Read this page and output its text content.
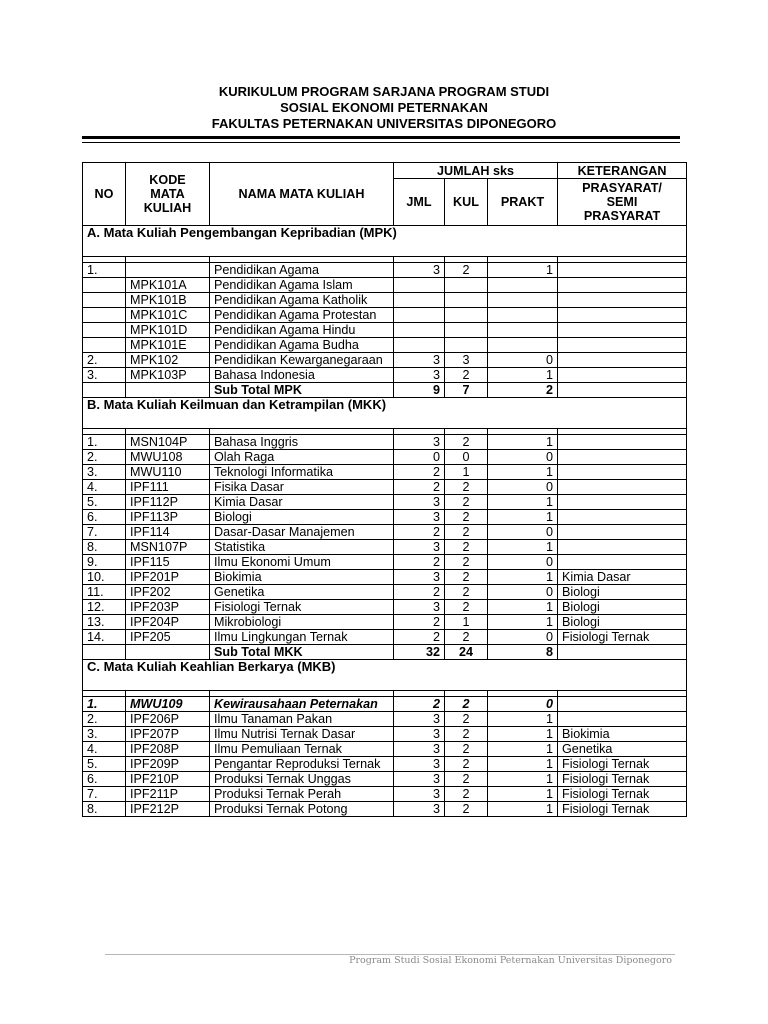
KURIKULUM PROGRAM SARJANA PROGRAM STUDI
SOSIAL EKONOMI PETERNAKAN
FAKULTAS PETERNAKAN UNIVERSITAS DIPONEGORO
NO	KODE MATA KULIAH	NAMA MATA KULIAH	JUMLAH sks			KETERANGAN
			JML	KUL	PRAKT	PRASYARAT/ SEMI PRASYARAT
A. Mata Kuliah Pengembangan Kepribadian (MPK)						

1.		Pendidikan Agama	3	2	1	
	MPK101A	Pendidikan Agama Islam				
	MPK101B	Pendidikan Agama Katholik				
	MPK101C	Pendidikan Agama Protestan				
	MPK101D	Pendidikan Agama Hindu				
	MPK101E	Pendidikan Agama Budha				
2.	MPK102	Pendidikan Kewarganegaraan	3	3	0	
3.	MPK103P	Bahasa Indonesia	3	2	1	
		Sub Total MPK	9	7	2	
B. Mata Kuliah Keilmuan dan Ketrampilan (MKK)						

1.	MSN104P	Bahasa Inggris	3	2	1	
2.	MWU108	Olah Raga	0	0	0	
3.	MWU110	Teknologi Informatika	2	1	1	
4.	IPF111	Fisika Dasar	2	2	0	
5.	IPF112P	Kimia Dasar	3	2	1	
6.	IPF113P	Biologi	3	2	1	
7.	IPF114	Dasar-Dasar Manajemen	2	2	0	
8.	MSN107P	Statistika	3	2	1	
9.	IPF115	Ilmu Ekonomi Umum	2	2	0	
10.	IPF201P	Biokimia	3	2	1	Kimia Dasar
11.	IPF202	Genetika	2	2	0	Biologi
12.	IPF203P	Fisiologi Ternak	3	2	1	Biologi
13.	IPF204P	Mikrobiologi	2	1	1	Biologi
14.	IPF205	Ilmu Lingkungan Ternak	2	2	0	Fisiologi Ternak
		Sub Total MKK	32	24	8	
C. Mata Kuliah Keahlian Berkarya (MKB)						

1.	MWU109	Kewirausahaan Peternakan	2	2	0	
2.	IPF206P	Ilmu Tanaman Pakan	3	2	1	
3.	IPF207P	Ilmu Nutrisi Ternak Dasar	3	2	1	Biokimia
4.	IPF208P	Ilmu Pemuliaan Ternak	3	2	1	Genetika
5.	IPF209P	Pengantar Reproduksi Ternak	3	2	1	Fisiologi Ternak
6.	IPF210P	Produksi Ternak Unggas	3	2	1	Fisiologi Ternak
7.	IPF211P	Produksi Ternak Perah	3	2	1	Fisiologi Ternak
8.	IPF212P	Produksi Ternak Potong	3	2	1	Fisiologi Ternak
Program Studi Sosial Ekonomi Peternakan Universitas Diponegoro
